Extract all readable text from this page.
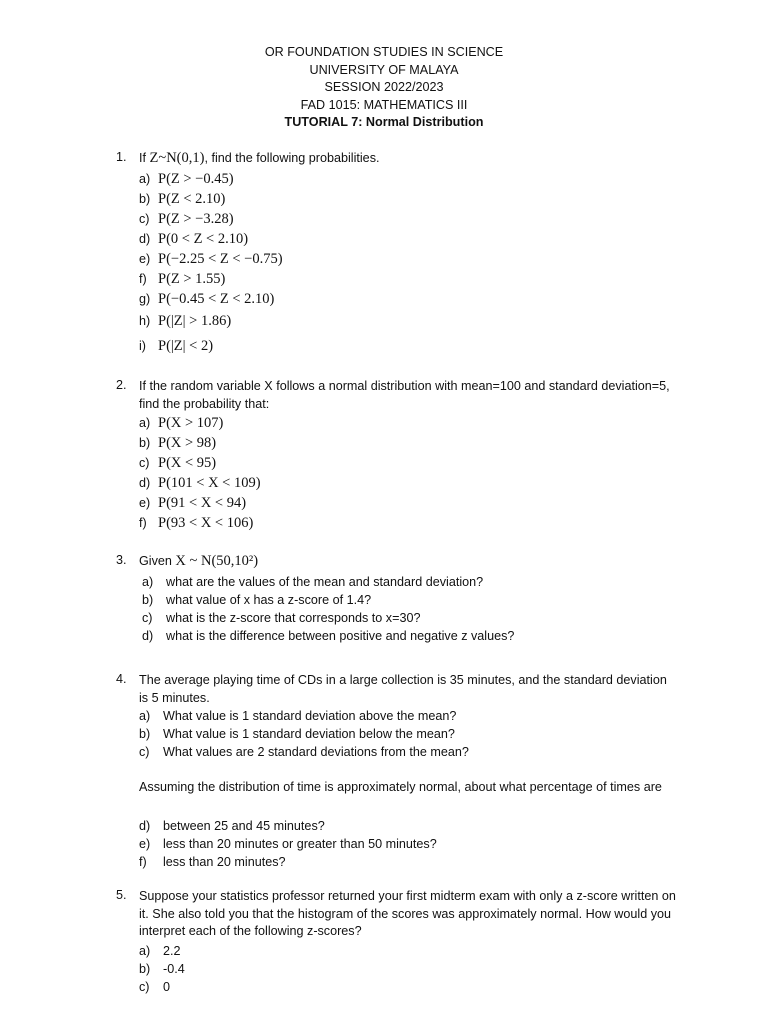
OR FOUNDATION STUDIES IN SCIENCE
UNIVERSITY OF MALAYA
SESSION 2022/2023
FAD 1015: MATHEMATICS III
TUTORIAL 7: Normal Distribution
1. If Z~N(0,1), find the following probabilities.
a) P(Z > −0.45)
b) P(Z < 2.10)
c) P(Z > −3.28)
d) P(0 < Z < 2.10)
e) P(−2.25 < Z < −0.75)
f) P(Z > 1.55)
g) P(−0.45 < Z < 2.10)
h) P(|Z| > 1.86)
i) P(|Z| < 2)
2. If the random variable X follows a normal distribution with mean=100 and standard deviation=5, find the probability that:
a) P(X > 107)
b) P(X > 98)
c) P(X < 95)
d) P(101 < X < 109)
e) P(91 < X < 94)
f) P(93 < X < 106)
3. Given X ~ N(50,10²)
a) what are the values of the mean and standard deviation?
b) what value of x has a z-score of 1.4?
c) what is the z-score that corresponds to x=30?
d) what is the difference between positive and negative z values?
4. The average playing time of CDs in a large collection is 35 minutes, and the standard deviation is 5 minutes.
a) What value is 1 standard deviation above the mean?
b) What value is 1 standard deviation below the mean?
c) What values are 2 standard deviations from the mean?
Assuming the distribution of time is approximately normal, about what percentage of times are
d) between 25 and 45 minutes?
e) less than 20 minutes or greater than 50 minutes?
f) less than 20 minutes?
5. Suppose your statistics professor returned your first midterm exam with only a z-score written on it. She also told you that the histogram of the scores was approximately normal. How would you interpret each of the following z-scores?
a) 2.2
b) -0.4
c) 0
